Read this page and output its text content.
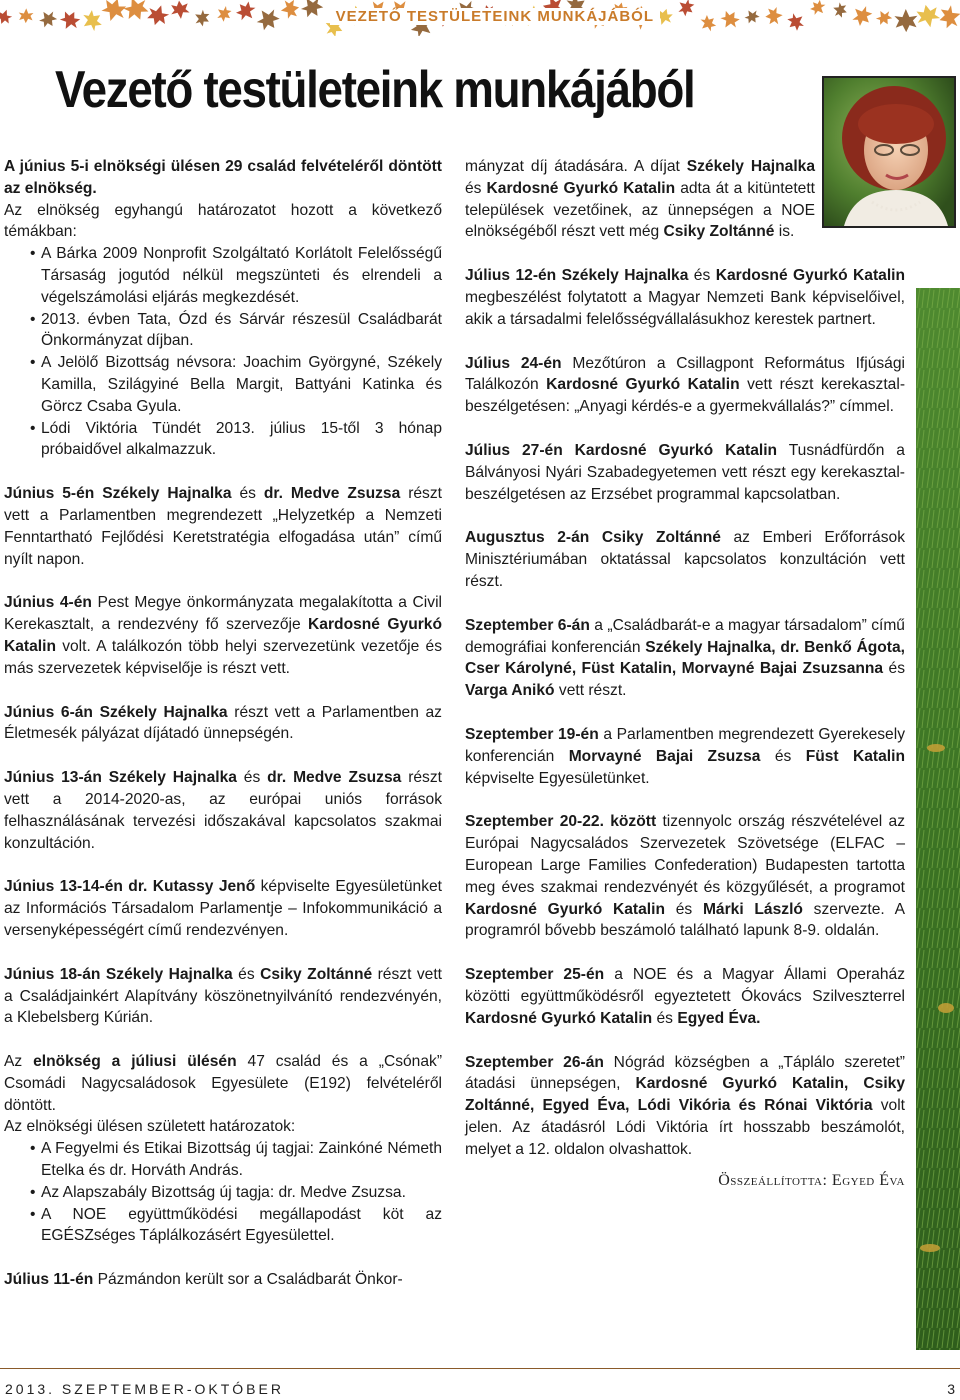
VEZETŐ TESTÜLETEINK MUNKÁJÁBÓL
Vezető testületeink munkájából

A június 5-i elnökségi ülésen 29 család felvételéről döntött az elnökség.

Az elnökség egyhangú határozatot hozott a következő témákban:

• A Bárka 2009 Nonprofit Szolgáltató Korlátolt Felelősségű Társaság jogutód nélkül megszünteti és elrendeli a végelszámolási eljárás megkezdését.
• 2013. évben Tata, Ózd és Sárvár részesül Családbarát Önkormányzat díjban.
• A Jelölő Bizottság névsora: Joachim Györgyné, Székely Kamilla, Szilágyiné Bella Margit, Battyáni Katinka és Görcz Csaba Gyula.
• Lódi Viktória Tündét 2013. július 15-től 3 hónap próbaidővel alkalmazzuk.

Június 5-én Székely Hajnalka és dr. Medve Zsuzsa részt vett a Parlamentben megrendezett „Helyzetkép a Nemzeti Fenntartható Fejlődési Keretstratégia elfogadása után” című nyílt napon.

Június 4-én Pest Megye önkormányzata megalakította a Civil Kerekasztalt, a rendezvény fő szervezője Kardosné Gyurkó Katalin volt. A találkozón több helyi szervezetünk vezetője és más szervezetek képviselője is részt vett.

Június 6-án Székely Hajnalka részt vett a Parlamentben az Életmesék pályázat díjátadó ünnepségén.

Június 13-án Székely Hajnalka és dr. Medve Zsuzsa részt vett a 2014-2020-as, az európai uniós források felhasználásának tervezési időszakával kapcsolatos szakmai konzultáción.

Június 13-14-én dr. Kutassy Jenő képviselte Egyesületünket az Információs Társadalom Parlamentje – Infokommunikáció a versenyképességért című rendezvényen.

Június 18-án Székely Hajnalka és Csiky Zoltánné részt vett a Családjainkért Alapítvány köszönetnyilvánító rendezvényén, a Klebelsberg Kúrián.

Az elnökség a júliusi ülésén 47 család és a „Csónak” Csomádi Nagycsaládosok Egyesülete (E192) felvételéről döntött.

Az elnökségi ülésen született határozatok:

• A Fegyelmi és Etikai Bizottság új tagjai: Zainkóné Németh Etelka és dr. Horváth András.
• Az Alapszabály Bizottság új tagja: dr. Medve Zsuzsa.
• A NOE együttműködési megállapodást köt az EGÉSZséges Táplálkozásért Egyesülettel.

Július 11-én Pázmándon került sor a Családbarát Önkor-

mányzat díj átadására. A díjat Székely Hajnalka és Kardosné Gyurkó Katalin adta át a kitüntetett települések vezetőinek, az ünnepségen a NOE elnökségéből részt vett még Csiky Zoltánné is.

Július 12-én Székely Hajnalka és Kardosné Gyurkó Katalin megbeszélést folytatott a Magyar Nemzeti Bank képviselőivel, akik a társadalmi felelősségvállalásukhoz kerestek partnert.

Július 24-én Mezőtúron a Csillagpont Református Ifjúsági Találkozón Kardosné Gyurkó Katalin vett részt kerekasztal-beszélgetésen: „Anyagi kérdés-e a gyermekvállalás?” címmel.

Július 27-én Kardosné Gyurkó Katalin Tusnádfürdőn a Bálványosi Nyári Szabadegyetemen vett részt egy kerekasztal-beszélgetésen az Erzsébet programmal kapcsolatban.

Augusztus 2-án Csiky Zoltánné az Emberi Erőforrások Minisztériumában oktatással kapcsolatos konzultáción vett részt.

Szeptember 6-án a „Családbarát-e a magyar társadalom” című demográfiai konferencián Székely Hajnalka, dr. Benkő Ágota, Cser Károlyné, Füst Katalin, Morvayné Bajai Zsuzsanna és Varga Anikó vett részt.

Szeptember 19-én a Parlamentben megrendezett Gyerekesely konferencián Morvayné Bajai Zsuzsa és Füst Katalin képviselte Egyesületünket.

Szeptember 20-22. között tizennyolc ország részvételével az Európai Nagycsaládos Szervezetek Szövetsége (ELFAC – European Large Families Confederation) Budapesten tartotta meg éves szakmai rendezvényét és közgyűlését, a programot Kardosné Gyurkó Katalin és Márki László szervezte. A programról bővebb beszámoló található lapunk 8-9. oldalán.

Szeptember 25-én a NOE és a Magyar Állami Operaház közötti együttműködésről egyeztetett Ókovács Szilveszterrel Kardosné Gyurkó Katalin és Egyed Éva.

Szeptember 26-án Nógrád községben a „Táplálo szeretet” átadási ünnepségen, Kardosné Gyurkó Katalin, Csiky Zoltánné, Egyed Éva, Lódi Vikória és Rónai Viktória volt jelen. Az átadásról Lódi Viktória írt hosszabb beszámolót, melyet a 12. oldalon olvashattok.

Összeállította: Egyed Éva
2013. SZEPTEMBER-OKTÓBER	3
